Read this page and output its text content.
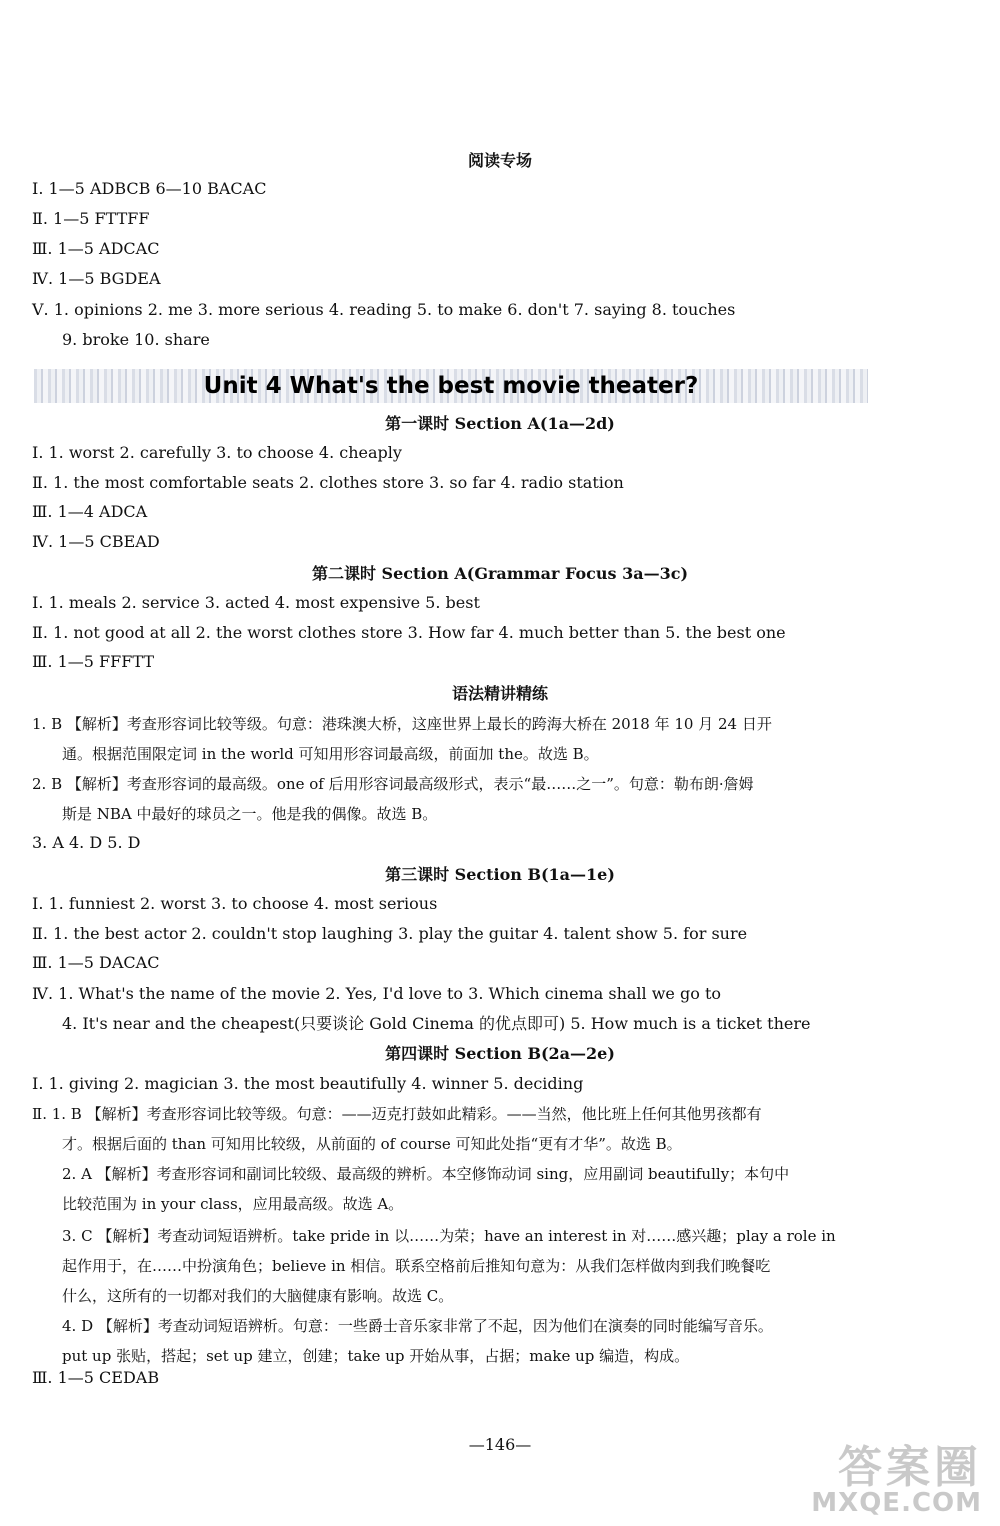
阅读专场
Ⅰ. 1—5 ADBCB 6—10 BACAC
Ⅱ. 1—5 FTTFF
Ⅲ. 1—5 ADCAC
Ⅳ. 1—5 BGDEA
Ⅴ. 1. opinions 2. me 3. more serious 4. reading 5. to make 6. don't 7. saying 8. touches
9. broke 10. share
Unit 4 What's the best movie theater?
第一课时 Section A(1a—2d)
Ⅰ. 1. worst 2. carefully 3. to choose 4. cheaply
Ⅱ. 1. the most comfortable seats 2. clothes store 3. so far 4. radio station
Ⅲ. 1—4 ADCA
Ⅳ. 1—5 CBEAD
第二课时 Section A(Grammar Focus 3a—3c)
Ⅰ. 1. meals 2. service 3. acted 4. most expensive 5. best
Ⅱ. 1. not good at all 2. the worst clothes store 3. How far 4. much better than 5. the best one
Ⅲ. 1—5 FFFTT
语法精讲精练
1. B 【解析】考查形容词比较等级。句意：港珠澳大桥，这座世界上最长的跨海大桥在 2018 年 10 月 24 日开
通。根据范围限定词 in the world 可知用形容词最高级，前面加 the。故选 B。
2. B 【解析】考查形容词的最高级。one of 后用形容词最高级形式，表示“最……之一”。句意：勒布朗·詹姆
斯是 NBA 中最好的球员之一。他是我的偶像。故选 B。
3. A 4. D 5. D
第三课时 Section B(1a—1e)
Ⅰ. 1. funniest 2. worst 3. to choose 4. most serious
Ⅱ. 1. the best actor 2. couldn't stop laughing 3. play the guitar 4. talent show 5. for sure
Ⅲ. 1—5 DACAC
Ⅳ. 1. What's the name of the movie 2. Yes, I'd love to 3. Which cinema shall we go to
4. It's near and the cheapest(只要谈论 Gold Cinema 的优点即可) 5. How much is a ticket there
第四课时 Section B(2a—2e)
Ⅰ. 1. giving 2. magician 3. the most beautifully 4. winner 5. deciding
Ⅱ. 1. B 【解析】考查形容词比较等级。句意：——迈克打鼓如此精彩。——当然，他比班上任何其他男孩都有
才。根据后面的 than 可知用比较级，从前面的 of course 可知此处指“更有才华”。故选 B。
2. A 【解析】考查形容词和副词比较级、最高级的辨析。本空修饰动词 sing，应用副词 beautifully；本句中
比较范围为 in your class，应用最高级。故选 A。
3. C 【解析】考查动词短语辨析。take pride in 以……为荣；have an interest in 对……感兴趣；play a role in
起作用于，在……中扮演角色；believe in 相信。联系空格前后推知句意为：从我们怎样做肉到我们晚餐吃
什么，这所有的一切都对我们的大脑健康有影响。故选 C。
4. D 【解析】考查动词短语辨析。句意：一些爵士音乐家非常了不起，因为他们在演奏的同时能编写音乐。
put up 张贴，搭起；set up 建立，创建；take up 开始从事，占据；make up 编造，构成。
Ⅲ. 1—5 CEDAB
—146—	答案圈
MXQE.COM
